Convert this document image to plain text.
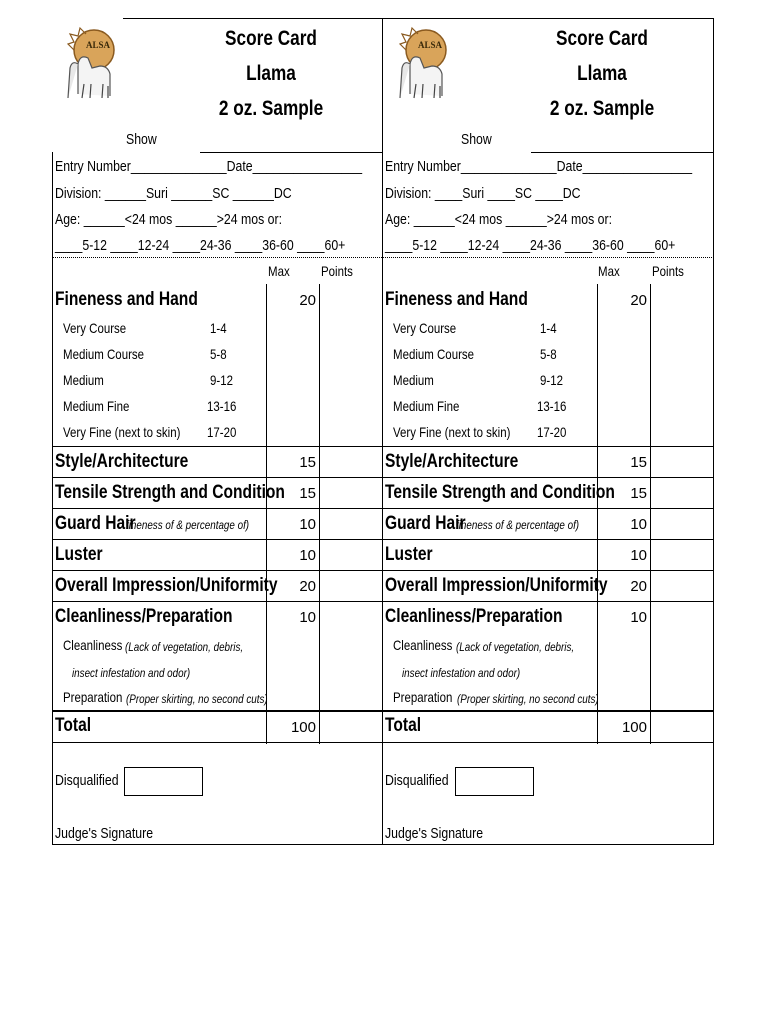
ALSA	Score Card
Llama
2 oz. Sample
Show
Entry Number______________Date________________
Division: ______Suri ______SC ______DC
Age: ______<24 mos ______>24 mos or:
____5-12 ____12-24 ____24-36 ____36-60 ____60+
Max Points
Fineness and Hand	20
Very Course	1-4
Medium Course	5-8
Medium	9-12
Medium Fine	13-16
Very Fine (next to skin) 17-20
Style/Architecture	15
Tensile Strength and Condition 15
Guard Hair
fineness of & percentage of)	10
Luster	10
Overall Impression/Uniformity	20
Cleanliness/Preparation	10
Cleanliness (Lack of vegetation, debris,
insect infestation and odor)
Preparation (Proper skirting, no second cuts)
Total	100
Disqualified
Judge's Signature
ALSA	Score Card
Llama
2 oz. Sample
Show
Entry Number______________Date________________
Division: ____Suri ____SC ____DC
Age: ______<24 mos ______>24 mos or:
____5-12 ____12-24 ____24-36 ____36-60 ____60+
Max Points
Fineness and Hand	20
Very Course	1-4
Medium Course	5-8
Medium	9-12
Medium Fine	13-16
Very Fine (next to skin) 17-20
Style/Architecture	15
Tensile Strength and Condition	15
Guard Hair
fineness of & percentage of)	10
Luster	10
Overall Impression/Uniformity	20
Cleanliness/Preparation	10
Cleanliness (Lack of vegetation, debris,
insect infestation and odor)
Preparation (Proper skirting, no second cuts)
Total	100
Disqualified
Judge's Signature
